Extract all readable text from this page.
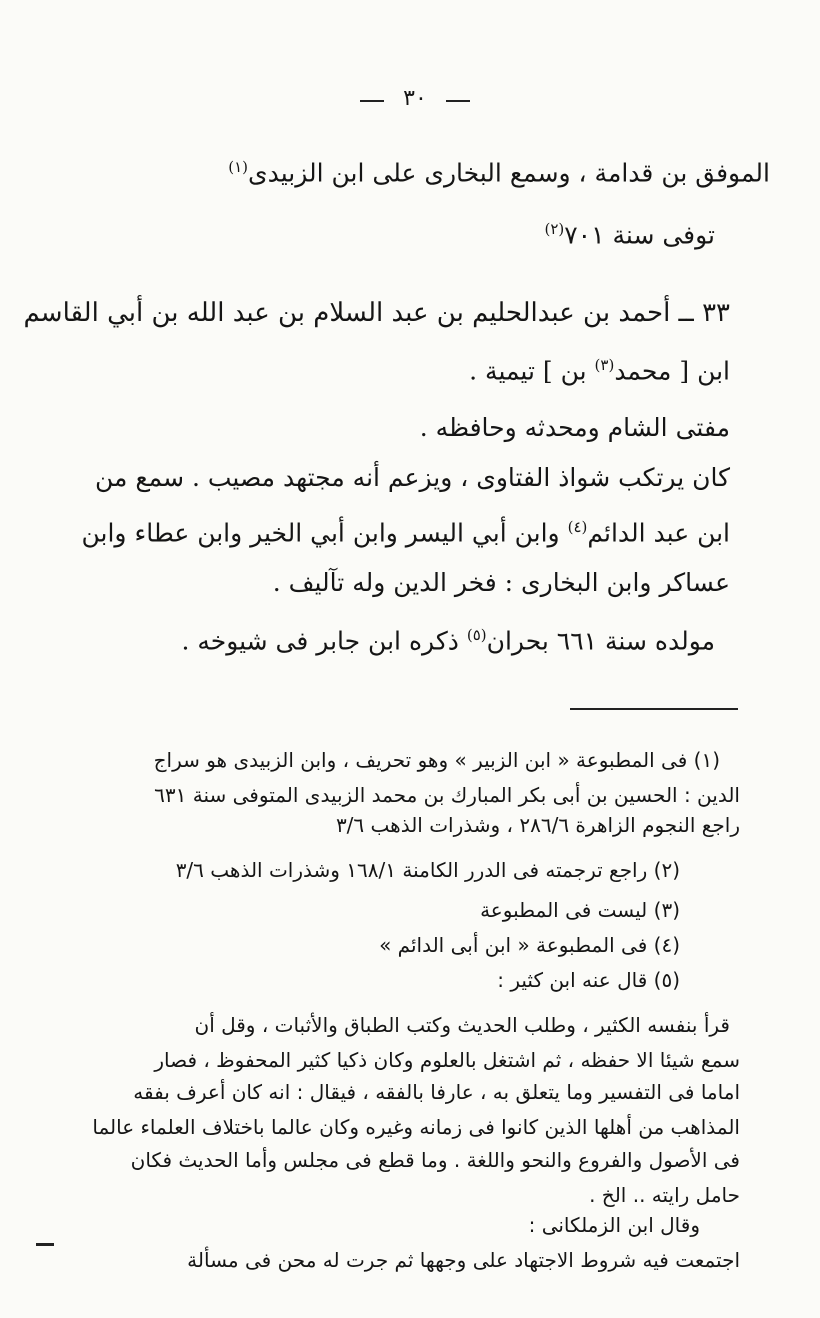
٣٠
الموفق بن قدامة ، وسمع البخارى على ابن الزبيدى$^{(١)}$
توفى سنة ٧٠١$^{(٢)}$
٣٣ ــ أحمد بن عبدالحليم بن عبد السلام بن عبد الله بن أبي القاسم
ابن [ محمد$^{(٣)}$ بن ] تيمية .
مفتى الشام ومحدثه وحافظه .
كان يرتكب شواذ الفتاوى ، ويزعم أنه مجتهد مصيب . سمع من
ابن عبد الدائم$^{(٤)}$ وابن أبي اليسر وابن أبي الخير وابن عطاء وابن
عساكر وابن البخارى : فخر الدين وله تآليف .
مولده سنة ٦٦١ بحران$^{(٥)}$ ذكره ابن جابر فى شيوخه .
(١) فى المطبوعة « ابن الزبير » وهو تحريف ، وابن الزبيدى هو سراج
الدين : الحسين بن أبى بكر المبارك بن محمد الزبيدى المتوفى سنة ٦٣١
راجع النجوم الزاهرة ٢٨٦/٦ ، وشذرات الذهب ٣/٦
(٢) راجع ترجمته فى الدرر الكامنة ١٦٨/١ وشذرات الذهب ٣/٦
(٣) ليست فى المطبوعة
(٤) فى المطبوعة « ابن أبى الدائم »
(٥) قال عنه ابن كثير :
قرأ بنفسه الكثير ، وطلب الحديث وكتب الطباق والأثبات ، وقل أن
سمع شيئا الا حفظه ، ثم اشتغل بالعلوم وكان ذكيا كثير المحفوظ ، فصار
اماما فى التفسير وما يتعلق به ، عارفا بالفقه ، فيقال : انه كان أعرف بفقه
المذاهب من أهلها الذين كانوا فى زمانه وغيره وكان عالما باختلاف العلماء عالما
فى الأصول والفروع والنحو واللغة . وما قطع فى مجلس وأما الحديث فكان
حامل رايته .. الخ .
وقال ابن الزملكانى :
اجتمعت فيه شروط الاجتهاد على وجهها ثم جرت له محن فى مسألة
